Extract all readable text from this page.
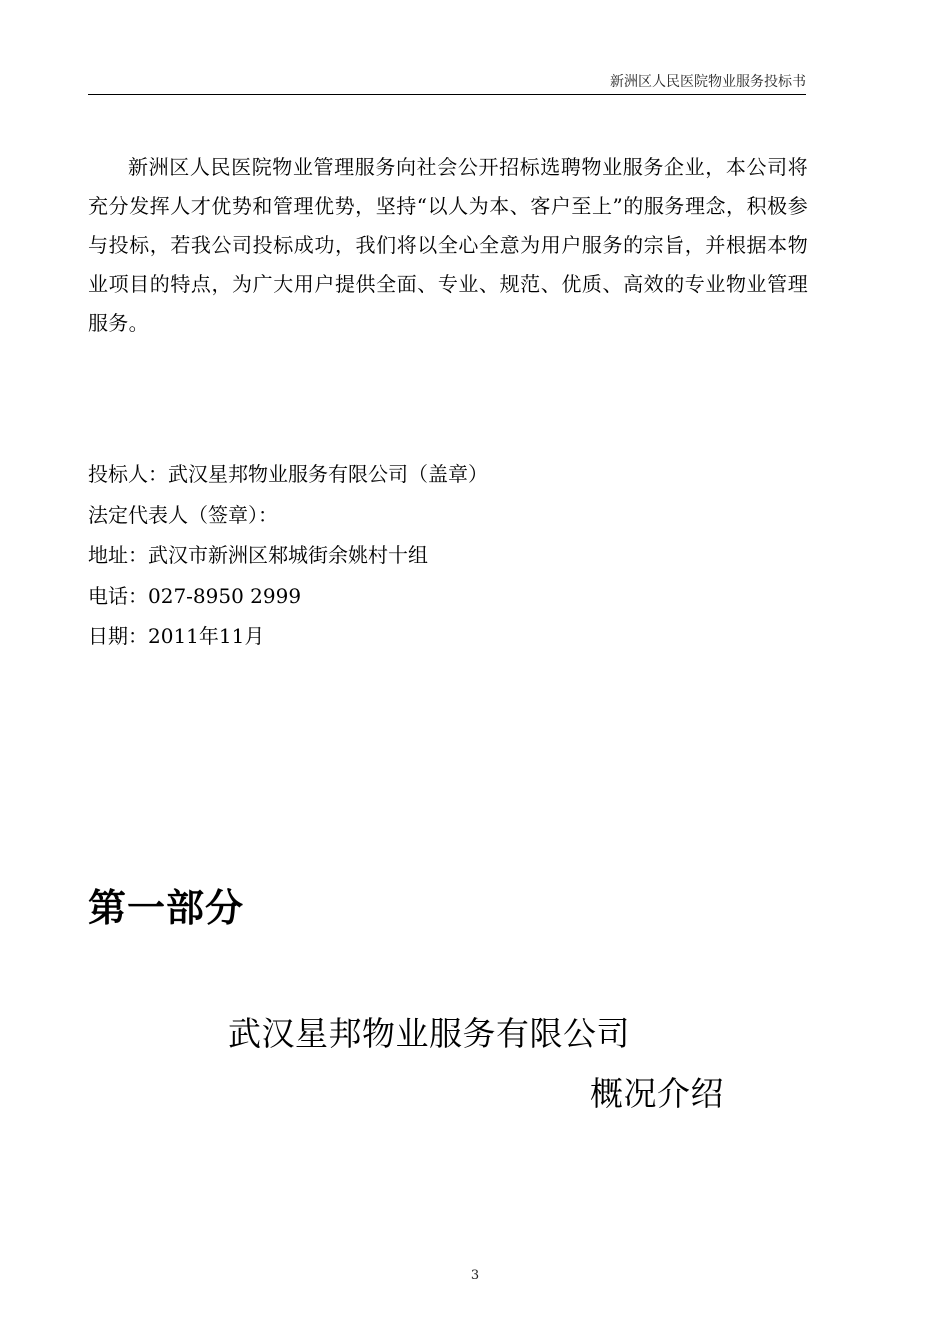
新洲区人民医院物业服务投标书

新洲区人民医院物业管理服务向社会公开招标选聘物业服务企业，本公司将充分发挥人才优势和管理优势，坚持“以人为本、客户至上”的服务理念，积极参与投标，若我公司投标成功，我们将以全心全意为用户服务的宗旨，并根据本物业项目的特点，为广大用户提供全面、专业、规范、优质、高效的专业物业管理服务。

投标人：武汉星邦物业服务有限公司（盖章）
法定代表人（签章）：
地址：武汉市新洲区邾城街余姚村十组
电话：027-8950 2999
日期：2011年11月
第一部分
武汉星邦物业服务有限公司
概况介绍
3
